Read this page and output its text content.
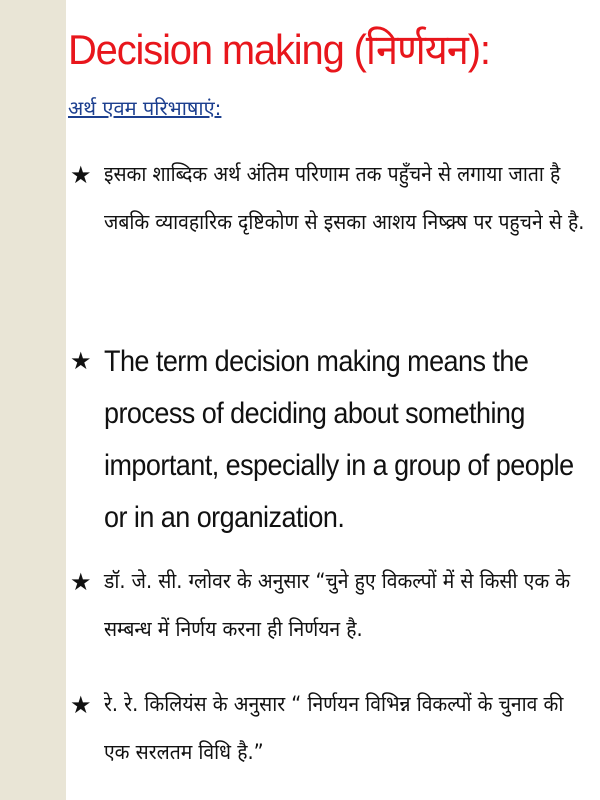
Decision making (निर्णयन):
अर्थ एवम परिभाषाएं:
★ इसका शाब्दिक अर्थ अंतिम परिणाम तक पहुँचने से लगाया जाता है जबकि व्यावहारिक दृष्टिकोण से इसका आशय निष्क्र्ष पर पहुचने से है.
★ The term decision making means the process of deciding about something important, especially in a group of people or in an organization.
★ डॉ. जे. सी. ग्लोवर के अनुसार “चुने हुए विकल्पों में से किसी एक के सम्बन्ध में निर्णय करना ही निर्णयन है.
★ रे. रे. किलियंस के अनुसार “ निर्णयन विभिन्न विकल्पों के चुनाव की एक सरलतम विधि है.”
